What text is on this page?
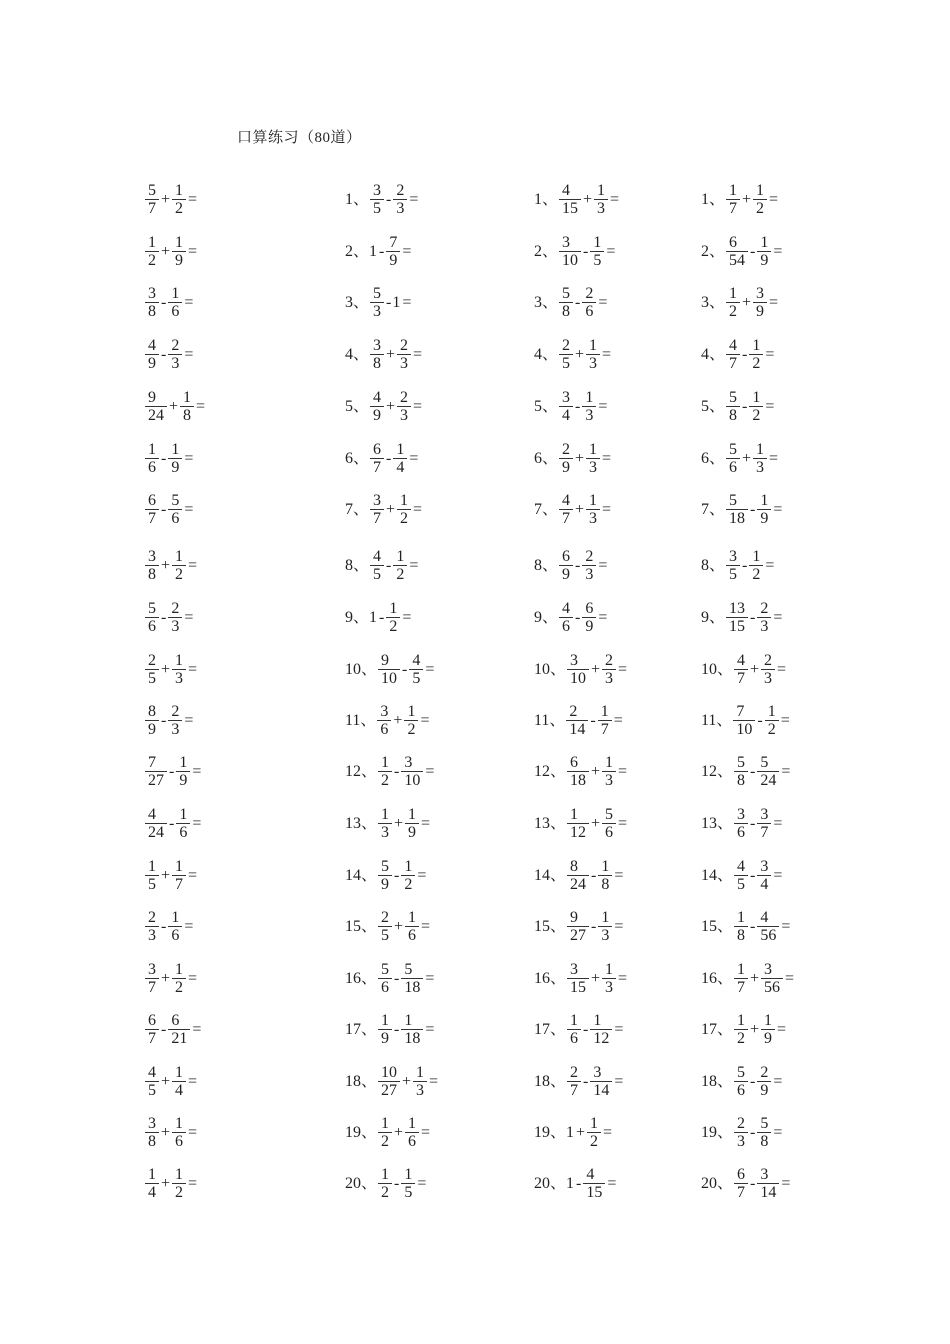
口算练习（80道）
$\frac{5}{7} + \frac{1}{2}$ =
$\frac{1}{2} + \frac{1}{9}$ =
$\frac{3}{8} - \frac{1}{6}$ =
$\frac{4}{9} - \frac{2}{3}$ =
$\frac{9}{24} + \frac{1}{8}$ =
$\frac{1}{6} - \frac{1}{9}$ =
$\frac{6}{7} - \frac{5}{6}$ =
$\frac{3}{8} + \frac{1}{2}$ =
$\frac{5}{6} - \frac{2}{3}$ =
$\frac{2}{5} + \frac{1}{3}$ =
$\frac{8}{9} - \frac{2}{3}$ =
$\frac{7}{27} - \frac{1}{9}$ =
$\frac{4}{24} - \frac{1}{6}$ =
$\frac{1}{5} + \frac{1}{7}$ =
$\frac{2}{3} - \frac{1}{6}$ =
$\frac{3}{7} + \frac{1}{2}$ =
$\frac{6}{7} - \frac{6}{21}$ =
$\frac{4}{5} + \frac{1}{4}$ =
$\frac{3}{8} + \frac{1}{6}$ =
$\frac{1}{4} + \frac{1}{2}$ =
1、 $\frac{3}{5} - \frac{2}{3}$ =
2、 $1 - \frac{7}{9}$ =
3、 $\frac{5}{3} - 1$ =
4、 $\frac{3}{8} + \frac{2}{3}$ =
5、 $\frac{4}{9} + \frac{2}{3}$ =
6、 $\frac{6}{7} - \frac{1}{4}$ =
7、 $\frac{3}{7} + \frac{1}{2}$ =
8、 $\frac{4}{5} - \frac{1}{2}$ =
9、 $1 - \frac{1}{2}$ =
10、 $\frac{9}{10} - \frac{4}{5}$ =
11、 $\frac{3}{6} + \frac{1}{2}$ =
12、 $\frac{1}{2} - \frac{3}{10}$ =
13、 $\frac{1}{3} + \frac{1}{9}$ =
14、 $\frac{5}{9} - \frac{1}{2}$ =
15、 $\frac{2}{5} + \frac{1}{6}$ =
16、 $\frac{5}{6} - \frac{5}{18}$ =
17、 $\frac{1}{9} - \frac{1}{18}$ =
18、 $\frac{10}{27} + \frac{1}{3}$ =
19、 $\frac{1}{2} + \frac{1}{6}$ =
20、 $\frac{1}{2} - \frac{1}{5}$ =
1、 $\frac{4}{15} + \frac{1}{3}$ =
2、 $\frac{3}{10} - \frac{1}{5}$ =
3、 $\frac{5}{8} - \frac{2}{6}$ =
4、 $\frac{2}{5} + \frac{1}{3}$ =
5、 $\frac{3}{4} - \frac{1}{3}$ =
6、 $\frac{2}{9} + \frac{1}{3}$ =
7、 $\frac{4}{7} + \frac{1}{3}$ =
8、 $\frac{6}{9} - \frac{2}{3}$ =
9、 $\frac{4}{6} - \frac{6}{9}$ =
10、 $\frac{3}{10} + \frac{2}{3}$ =
11、 $\frac{2}{14} - \frac{1}{7}$ =
12、 $\frac{6}{18} + \frac{1}{3}$ =
13、 $\frac{1}{12} + \frac{5}{6}$ =
14、 $\frac{8}{24} - \frac{1}{8}$ =
15、 $\frac{9}{27} - \frac{1}{3}$ =
16、 $\frac{3}{15} + \frac{1}{3}$ =
17、 $\frac{1}{6} - \frac{1}{12}$ =
18、 $\frac{2}{7} - \frac{3}{14}$ =
19、 $1 + \frac{1}{2}$ =
20、 $1 - \frac{4}{15}$ =
1、 $\frac{1}{7} + \frac{1}{2}$ =
2、 $\frac{6}{54} - \frac{1}{9}$ =
3、 $\frac{1}{2} + \frac{3}{9}$ =
4、 $\frac{4}{7} - \frac{1}{2}$ =
5、 $\frac{5}{8} - \frac{1}{2}$ =
6、 $\frac{5}{6} + \frac{1}{3}$ =
7、 $\frac{5}{18} - \frac{1}{9}$ =
8、 $\frac{3}{5} - \frac{1}{2}$ =
9、 $\frac{13}{15} - \frac{2}{3}$ =
10、 $\frac{4}{7} + \frac{2}{3}$ =
11、 $\frac{7}{10} - \frac{1}{2}$ =
12、 $\frac{5}{8} - \frac{5}{24}$ =
13、 $\frac{3}{6} - \frac{3}{7}$ =
14、 $\frac{4}{5} - \frac{3}{4}$ =
15、 $\frac{1}{8} - \frac{4}{56}$ =
16、 $\frac{1}{7} + \frac{3}{56}$ =
17、 $\frac{1}{2} + \frac{1}{9}$ =
18、 $\frac{5}{6} - \frac{2}{9}$ =
19、 $\frac{2}{3} - \frac{5}{8}$ =
20、 $\frac{6}{7} - \frac{3}{14}$ =
